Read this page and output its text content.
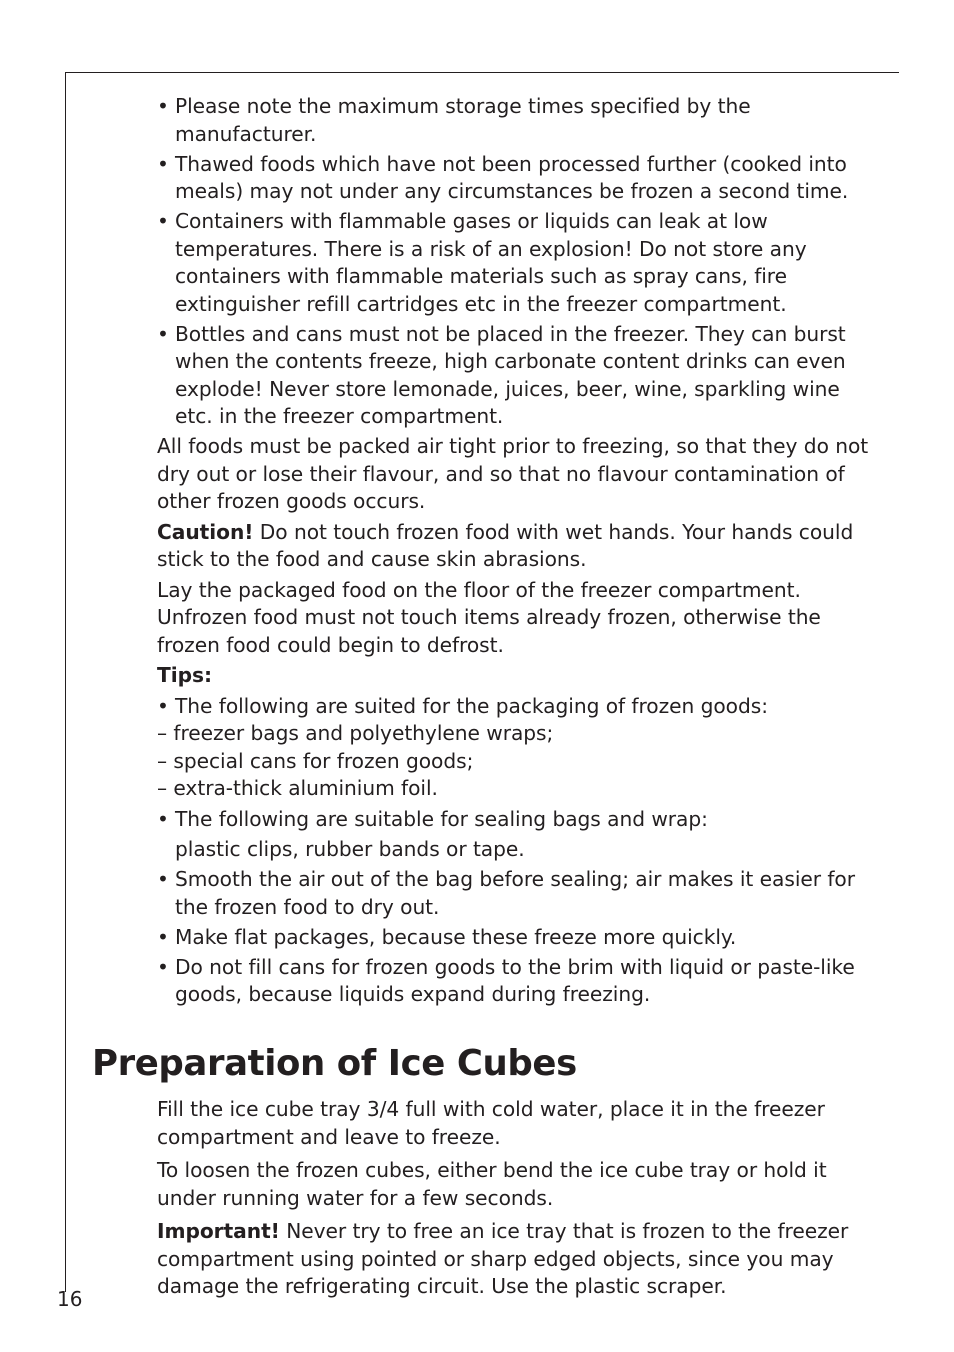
• Please note the maximum storage times specified by the manufacturer.
• Thawed foods which have not been processed further (cooked into meals) may not under any circumstances be frozen a second time.
• Containers with flammable gases or liquids can leak at low temperatures. There is a risk of an explosion! Do not store any containers with flammable materials such as spray cans, fire extinguisher refill cartridges etc in the freezer compartment.
• Bottles and cans must not be placed in the freezer. They can burst when the contents freeze, high carbonate content drinks can even explode! Never store lemonade, juices, beer, wine, sparkling wine etc. in the freezer compartment.
All foods must be packed air tight prior to freezing, so that they do not dry out or lose their flavour, and so that no flavour contamination of other frozen goods occurs.
Caution! Do not touch frozen food with wet hands. Your hands could stick to the food and cause skin abrasions.
Lay the packaged food on the floor of the freezer compartment. Unfrozen food must not touch items already frozen, otherwise the frozen food could begin to defrost.
Tips:
• The following are suited for the packaging of frozen goods:
– freezer bags and polyethylene wraps;
– special cans for frozen goods;
– extra-thick aluminium foil.
• The following are suitable for sealing bags and wrap:
plastic clips, rubber bands or tape.
• Smooth the air out of the bag before sealing; air makes it easier for the frozen food to dry out.
• Make flat packages, because these freeze more quickly.
• Do not fill cans for frozen goods to the brim with liquid or paste-like goods, because liquids expand during freezing.
Preparation of Ice Cubes
Fill the ice cube tray 3/4 full with cold water, place it in the freezer compartment and leave to freeze.
To loosen the frozen cubes, either bend the ice cube tray or hold it under running water for a few seconds.
Important! Never try to free an ice tray that is frozen to the freezer compartment using pointed or sharp edged objects, since you may damage the refrigerating circuit. Use the plastic scraper.
16
